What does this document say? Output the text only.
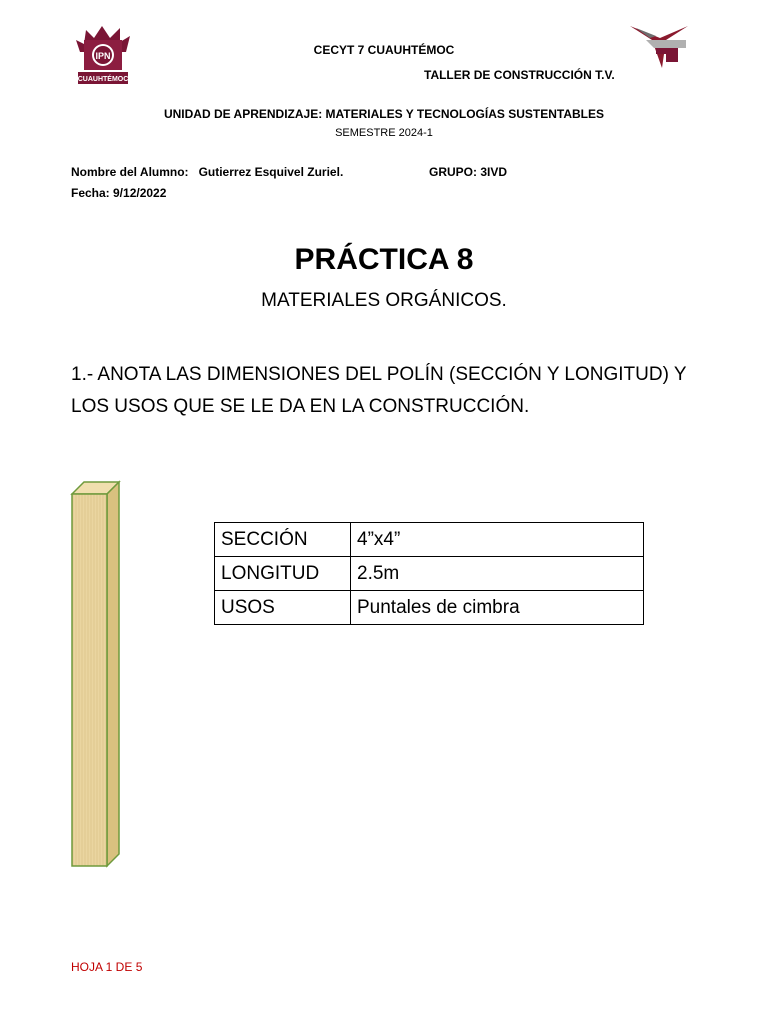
IPN
CUAUHTÉMOC
CECYT 7 CUAUHTÉMOC
TALLER DE CONSTRUCCIÓN T.V.
UNIDAD DE APRENDIZAJE: MATERIALES Y TECNOLOGÍAS SUSTENTABLES
SEMESTRE 2024-1
Nombre del Alumno: Gutierrez Esquivel Zuriel.	GRUPO: 3IVD
Fecha: 9/12/2022
PRÁCTICA 8
MATERIALES ORGÁNICOS.
1.- ANOTA LAS DIMENSIONES DEL POLÍN (SECCIÓN Y LONGITUD) Y
LOS USOS QUE SE LE DA EN LA CONSTRUCCIÓN.
SECCIÓN	4”x4”
LONGITUD	2.5m
USOS	Puntales de cimbra
HOJA 1 DE 5
